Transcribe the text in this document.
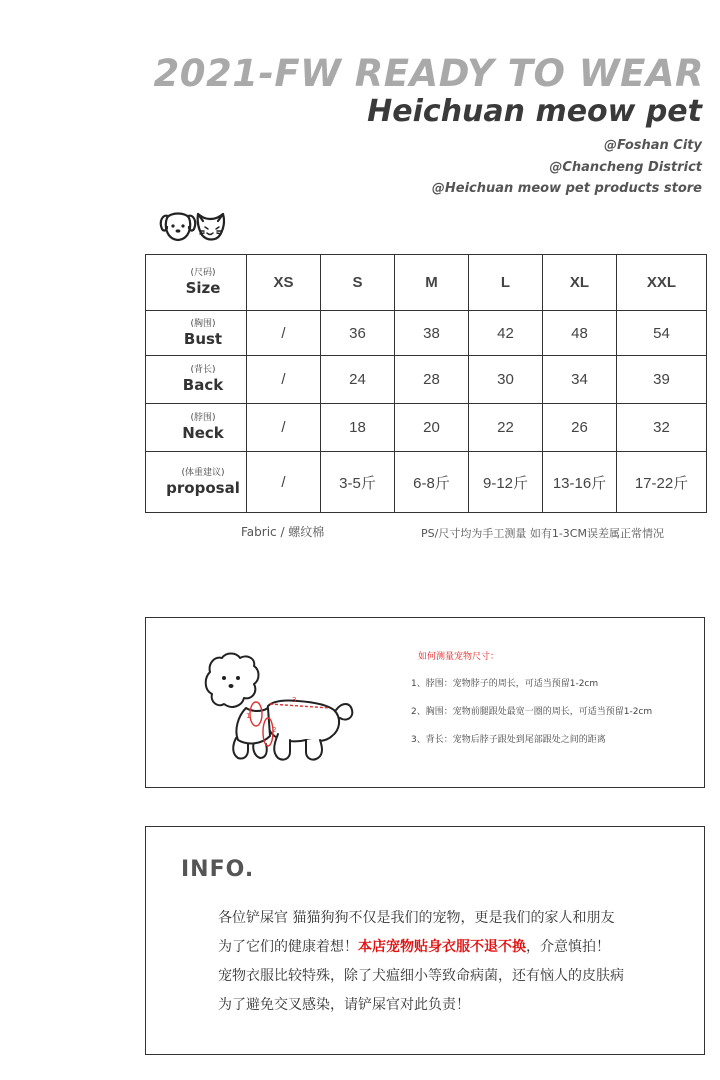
2021-FW READY TO WEAR
Heichuan meow pet
@Foshan City
@Chancheng District
@Heichuan meow pet products store
(尺码)
Size	XS	S	M	L	XL	XXL

(胸围)
Bust	/	36	38	42	48	54

(背长)
Back	/	24	28	30	34	39

(脖围)
Neck	/	18	20	22	26	32

(体重建议)
proposal	/	3-5斤	6-8斤	9-12斤	13-16斤	17-22斤
Fabric / 螺纹棉	PS/尺寸均为手工测量 如有1-3CM误差属正常情况
1
2
3
如何测量宠物尺寸：
1、脖围：宠物脖子的周长，可适当预留1-2cm
2、胸围：宠物前腿跟处最宽一圈的周长，可适当预留1-2cm
3、背长：宠物后脖子跟处到尾部跟处之间的距离
INFO.
各位铲屎官 猫猫狗狗不仅是我们的宠物，更是我们的家人和朋友
为了它们的健康着想！本店宠物贴身衣服不退不换，介意慎拍！
宠物衣服比较特殊，除了犬瘟细小等致命病菌，还有恼人的皮肤病
为了避免交叉感染，请铲屎官对此负责！
